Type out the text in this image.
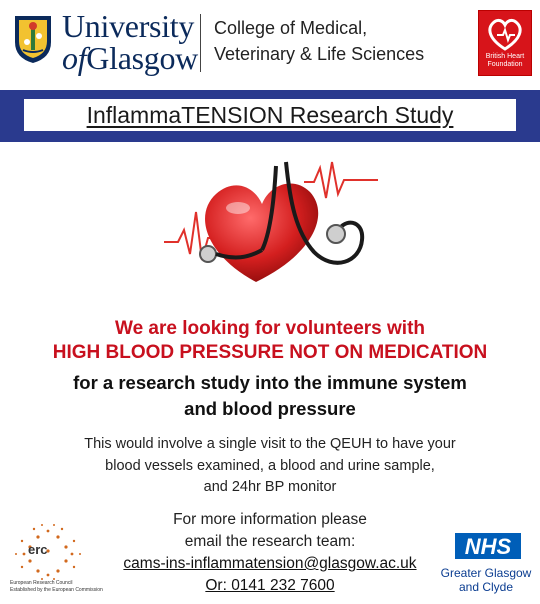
University
ofGlasgow
College of Medical,
Veterinary & Life Sciences	British Heart
Foundation
InflammaTENSION Research Study
We are looking for volunteers with
HIGH BLOOD PRESSURE NOT ON MEDICATION
for a research study into the immune system
and blood pressure
This would involve a single visit to the QEUH to have your
blood vessels examined, a blood and urine sample,
and 24hr BP monitor
For more information please
email the research team:
cams-ins-inflammatension@glasgow.ac.uk
Or: 0141 232 7600
erc
European Research Council
Established by the European Commission
NHS
Greater Glasgow
and Clyde
